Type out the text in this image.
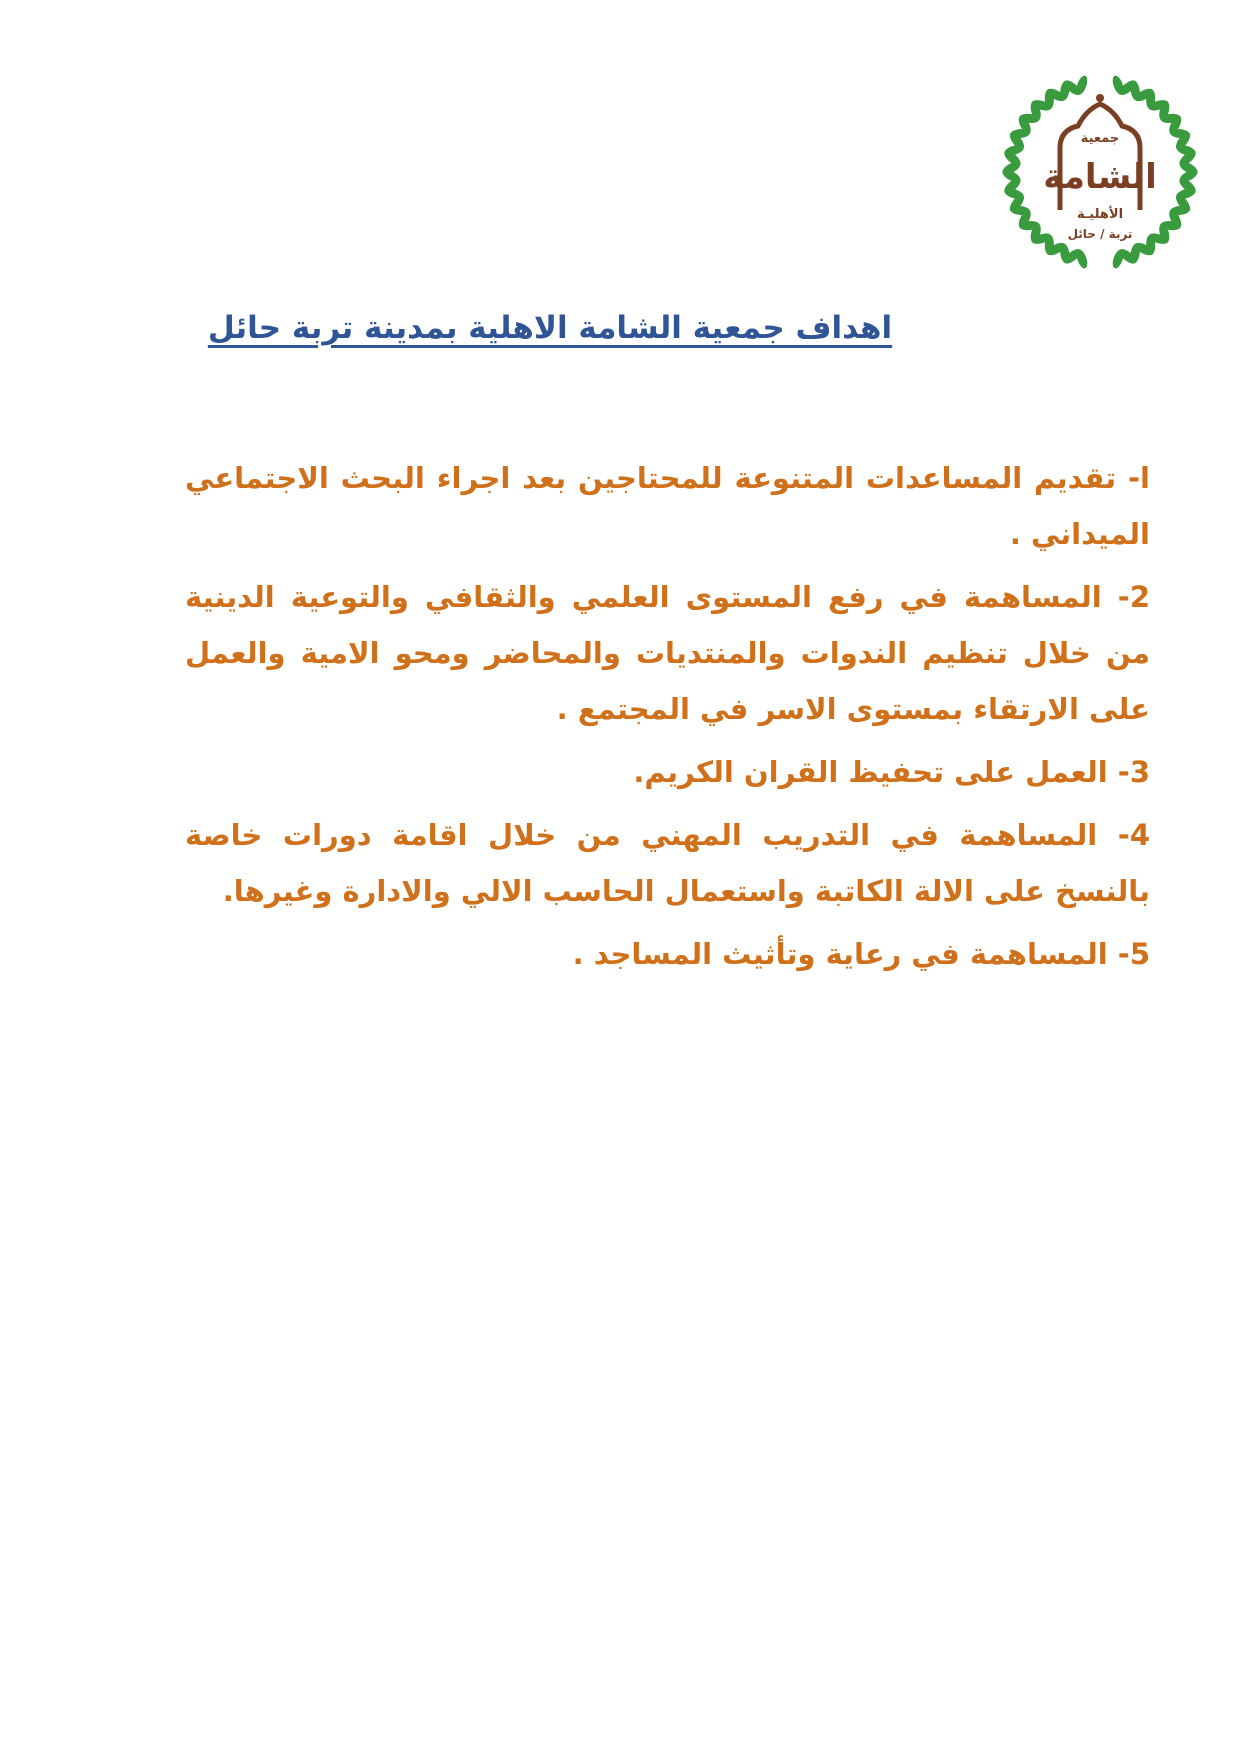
جمعية
الشامة
الأهليـة
تربة / حائل
اهداف جمعية الشامة الاهلية بمدينة تربة حائل

ا- تقديم المساعدات المتنوعة للمحتاجين بعد اجراء البحث الاجتماعي الميداني .

2- المساهمة في رفع المستوى العلمي والثقافي والتوعية الدينية من خلال تنظيم الندوات والمنتديات والمحاضر ومحو الامية والعمل على الارتقاء بمستوى الاسر في المجتمع .

3- العمل على تحفيظ القران الكريم.

4- المساهمة في التدريب المهني من خلال اقامة دورات خاصة بالنسخ على الالة الكاتبة واستعمال الحاسب الالي والادارة وغيرها.

5- المساهمة في رعاية وتأثيث المساجد .
